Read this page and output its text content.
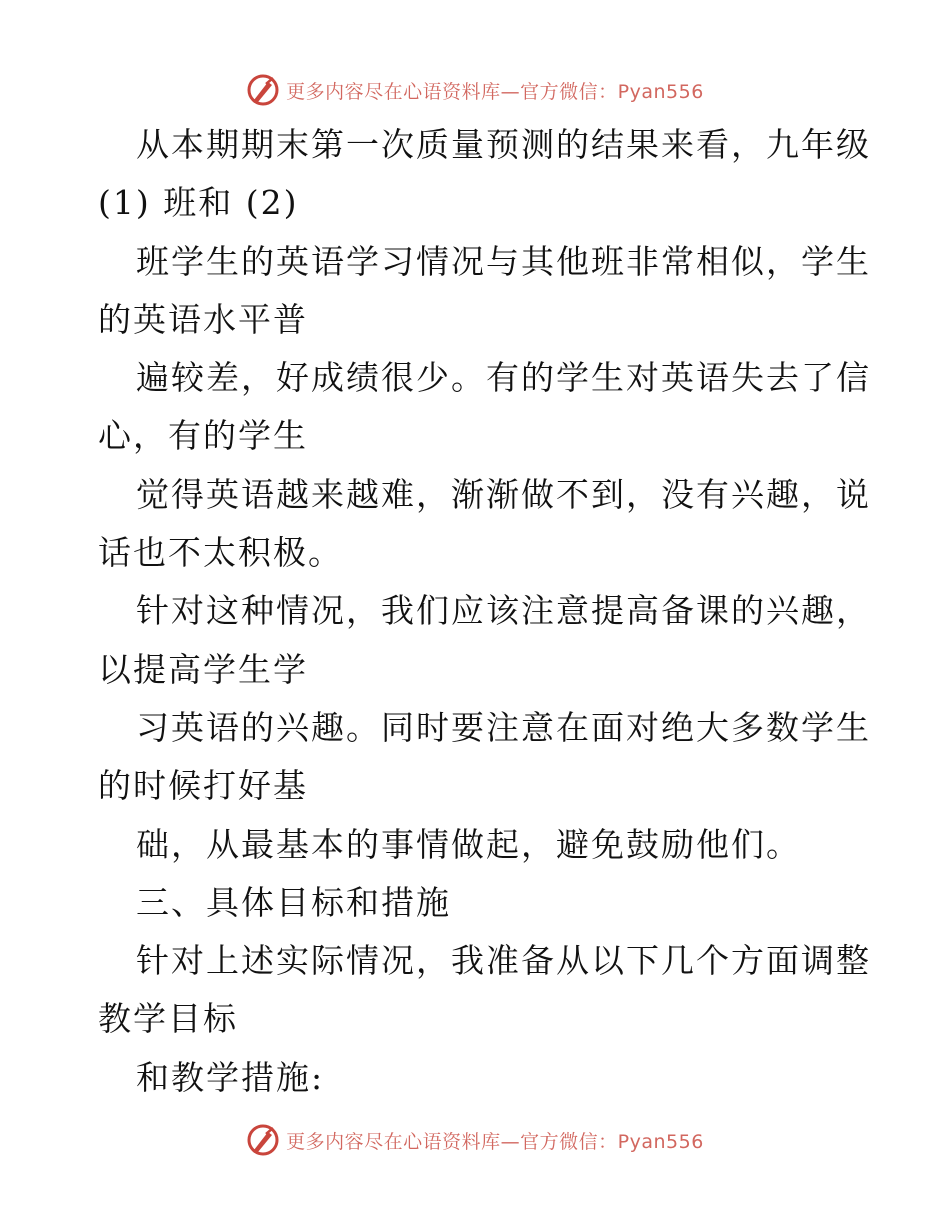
更多内容尽在心语资料库—官方微信：Pyan556
从本期期末第一次质量预测的结果来看，九年级
(1) 班和 (2)
班学生的英语学习情况与其他班非常相似，学生
的英语水平普
遍较差，好成绩很少。有的学生对英语失去了信
心，有的学生
觉得英语越来越难，渐渐做不到，没有兴趣，说
话也不太积极。
针对这种情况，我们应该注意提高备课的兴趣，
以提高学生学
习英语的兴趣。同时要注意在面对绝大多数学生
的时候打好基
础，从最基本的事情做起，避免鼓励他们。
三、具体目标和措施
针对上述实际情况，我准备从以下几个方面调整
教学目标
和教学措施:
更多内容尽在心语资料库—官方微信：Pyan556
